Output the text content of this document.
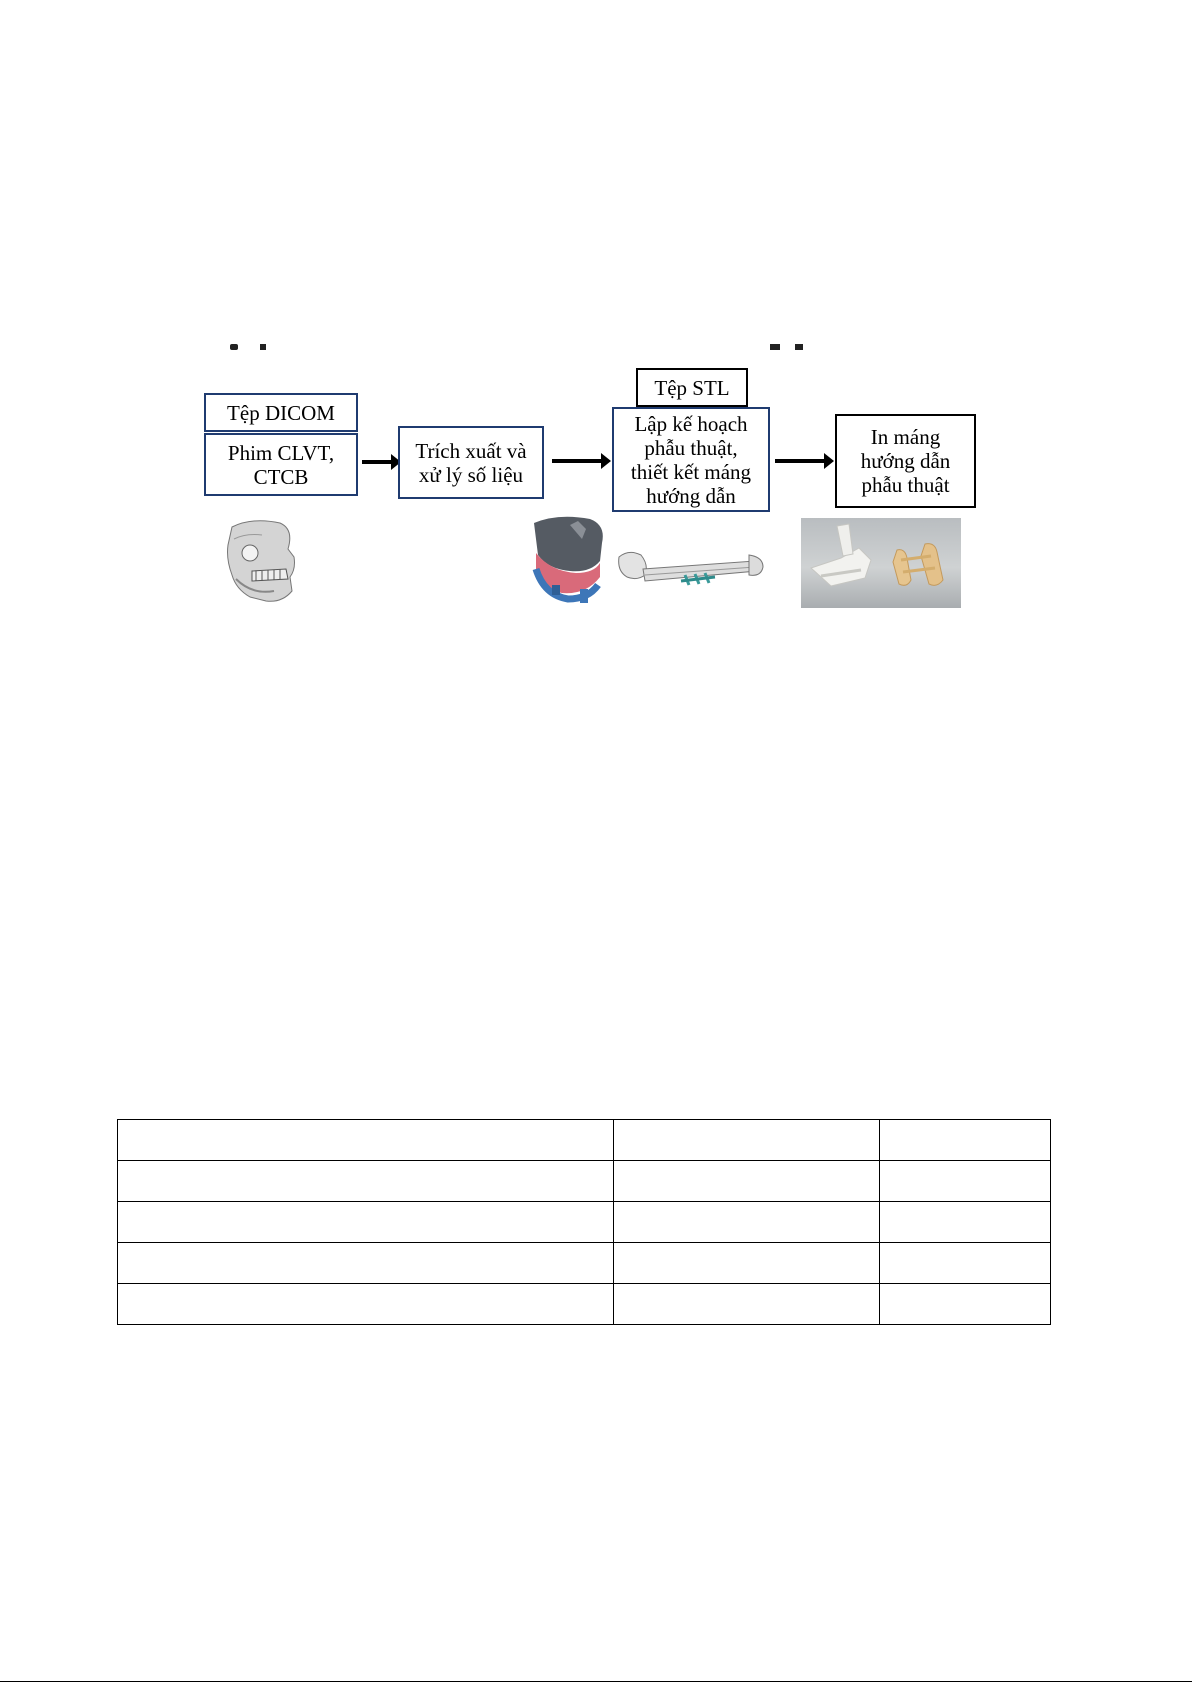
Tệp DICOM
Phim CLVT, CTCB
Trích xuất và xử lý số liệu
Tệp STL
Lập kế hoạch phẫu thuật, thiết kết máng hướng dẫn
In máng hướng dẫn phẫu thuật
